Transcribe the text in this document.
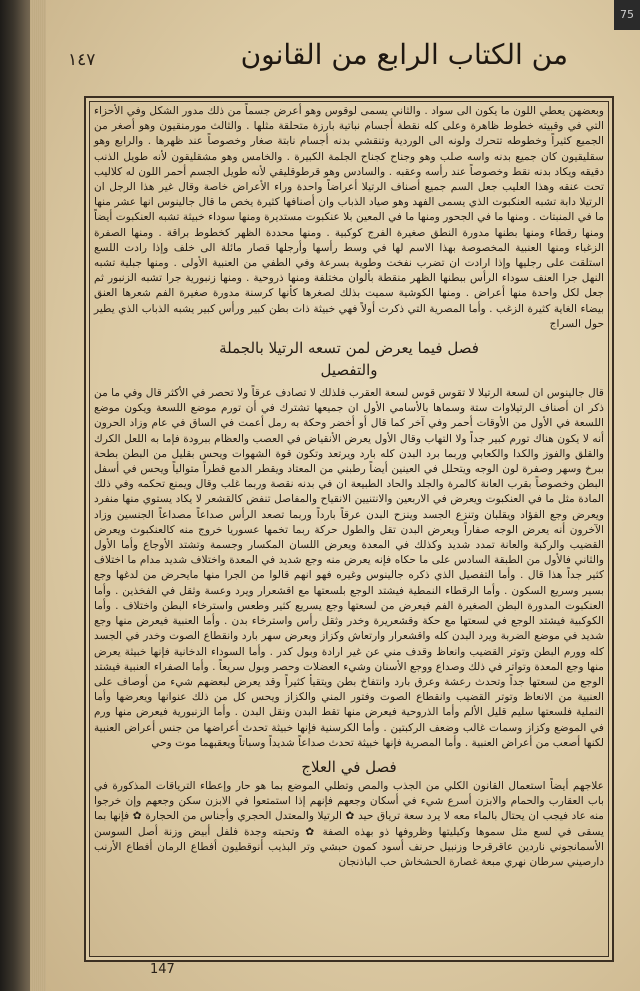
75
١٤٧	من الكتاب الرابع من القانون

وبعضهن يعطي اللون ما يكون الى سواد . والثاني يسمى لوقوس وهو أعرض جسماً من ذلك مدور الشكل وفي الأحزاء التي في وقبيته خطوط ظاهرة وعلى كله نقطة أجسام نباتية بارزة متحلقة مثلها . والثالث مورمنقيون وهو أصغر من الجميع كثيراً وخطوطه تتحرك ولونه الى الوردية وتنقشي بدنه أجسام نابتة صغار وخصوصاً عند ظهرها . والرابع وهو سقليقيون كان جميع بدنه واسه صلب وهو وجناح كجناح الجلمة الكبيرة . والخامس وهو مشقليقون لأنه طويل الذنب دقيقه ويكاد بدنه نقط وخصوصاً عند رأسه وعقبه . والسادس وهو قرطوقليقي لأنه طويل الجسم أحمر اللون له كلاليب تحت عنقه وهذا العليب جعل السم جميع أصناف الرتيلا أعراضاً واحدة وراء الأعراض خاصة وقال غير هذا الرجل ان الرتيلا دابة تشبه العنكبوت الذي يسمى الفهد وهو صياد الذباب وان أصنافها كثيرة يخص ما قال جالينوس انها عشر منها ما في المنبتات . ومنها ما في الجحور ومنها ما في المعين بلا عنكبوت مستديرة ومنها سوداء خبيثة تشبه العنكبوت أيضاً ومنها رقطاء ومنها بطنها مدورة النطق صغيرة الفرج كوكبية . ومنها محددة الظهر كخطوط براقة . ومنها الصفرة الزغباء ومنها العنبية المخصوصة بهذا الاسم لها في وسط رأسها وأرجلها قصار مائلة الى خلف وإذا رادت اللسع استلقت على رجليها وإذا ارادت ان تضرب نفخت وطوية بسرعة وفي الطفي من العنبية الأولى . ومنها جبلية تشبه النهل جرا العنف سوداء الرأس ببطنها الظهر منقطة بألوان مختلفة ومنها ذروحية . ومنها زنبورية جرا تشبه الزنبور ثم جعل لكل واحدة منها أعراض . ومنها الكوشية سميت بذلك لصغرها كأنها كرسنة مدورة صغيرة الفم شعرها العنق بيضاء الغاية كثيرة الزغب . وأما المصرية التي ذكرت أولاً فهي خبيثة ذات بطن كبير ورأس كبير يشبه الذباب الذي يطير حول السراج

فصل فيما يعرض لمن تسعه الرتيلا بالجملة
والتفصيل

قال جالينوس ان لسعة الرتيلا لا تقوس قوس لسعة العقرب فلذلك لا تصادف عرقاً ولا تحصر في الأكثر قال وفي ما من ذكر ان أصناف الرتيلاوات ستة وسماها بالأسامي الأول ان جميعها تشترك في أن تورم موضع اللسعة ويكون موضع اللسعة في الأول من الأوقات أحمر وفي آخر كما قال أو أخضر وحكة به رمل أعمت في الساق في عام وزاد الحرون أنه لا يكون هناك تورم كبير جداً ولا التهاب وقال الأول يعرض الأنقياض في العصب والعظام ببرودة فإما به اللعل الكرك والقلق والفوز والكدا والكعابي وربما برد البدن كله بارد ويرتعد وتكون قوة الشهوات ويحس بقليل من البطن بطحة ببرخ وسهر وصفرة لون الوجه ويتحلل في العينين أيضاً رطبني من المعتاد ويقطر الدمع قطراً متوالياً ويحس في أسفل البطن وخصوصاً بقرب العانة كالمرة والجلد والحاد الطبيعة ان في بدنه نقصة وربما غلب وقال ويمنع تحكمه وفي ذلك المادة مثل ما في العنكبوت ويعرض في الاربعين والانتنيين الانقياح والمفاصل تنفض كالقشعر لا يكاد يستوي منها منفرد ويعرض وجع الفؤاد ويقلبان وتنزع الجسد وينزح البدن عرقاً بارداً وربما تصعد الرأس صداعاً مصداعاً الجنسين وزاد الآخرون أنه يعرض الوجه صفاراً ويعرض البدن تقل والطول حركة ربما تخمها عسوريا خروج منه كالعنكبوت ويعرض القضيب والركبة والعانة تمدد شديد وكذلك في المعدة ويعرض اللسان المكسار وجسمة وتشتد الأوجاع وأما الأول والثاني فالأول من الطبقة السادس على ما حكاه فإنه يعرض منه وجع شديد في المعدة واختلاف شديد مدام ما اختلاف كثير جداً هذا قال . وأما التفصيل الذي ذكره جالينوس وغيره فهو انهم قالوا من الجرا منها مايحرض من لدغها وجع بسير وسريع السكون . وأما الرقطاء النمطية فيشتد الوجع بلسعتها مع اقشعرار ويرد وعسة وثقل في الفخذين . وأما العنكبوت المدورة البطن الصغيرة الفم فيعرض من لسعتها وجع يسريع كثير وطعس واسترخاء البطن واختلاف . وأما الكوكبية فيشتد الوجع في لسعتها مع حكة وقشعريرة وخدر وثقل رأس واسترخاء بدن . وأما العنبية فيعرض منها وجع شديد في موضع الضربة ويرد البدن كله واقشعرار وارتعاش وكزاز ويعرض سهر بارد وانقطاع الصوت وخدر في الجسد كله وورم البطن وتوتر القضيب وانعاظ وقدف مني عن غير ارادة وبول كدر . وأما السوداء الدخانية فإنها خبيثة يعرض منها وجع المعدة وتواتر في ذلك وصداع ووجع الأسنان وشيء العضلات وحصر وبول سريعاً . وأما الصفراء العنبية فيشتد الوجع من لسعتها جداً وتحدث رعشة وعرق بارد وانتفاخ بطن ويتقيأ كثيراً وقد يعرض لبعضهم شيء من أوصاف على العنبية من الانعاظ وتوتر القضيب وانقطاع الصوت وفتور المني والكزاز ويحس كل من ذلك عنوانها ويعرضها وأما النملية فلسعتها سليم قليل الألم وأما الذروحية فيعرض منها تقط البدن ونقل البدن . وأما الزنبورية فيعرض منها ورم في الموضع وكزاز وسمات غالب وضعف الركبتين . وأما الكرسنية فإنها خبيثة تحدث أعراضها من جنس أعراض العنبية لكنها أصعب من أعراض العنبية . وأما المصرية فإنها خبيثة تحدث صداعاً شديداً وسباتاً ويعقبهما موت وحي

فصل في العلاج

علاجهم أيضاً استعمال القانون الكلي من الجذب والمص وتطلي الموضع بما هو حار وإعطاء الترياقات المذكورة في باب العقارب والحمام والابزن أسرع شيء في أسكان وجعهم فإنهم إذا استمتعوا في الابزن سكن وجعهم وإن خرجوا منه عاد فيجب ان يحتال بالماء معه لا يرد سعة ترياق حيد ✿ الرتيلا والمعتدل الحجري وأجناس من الحجارة ✿ فإنها بما يسقى في لسع مثل سموها وكيليتها وظروفها ذو بهذه الصفة ✿ وتحبته وجدة فلفل أبيض وزنة أصل السوسن الأسمانجوني ناردين عاقرقرحا وزنبيل حرنف أسود كمون حبشي وتر البذيب أنوقطيون أفطاع الرمان أفطاع الأرنب دارصيني سرطان نهري مبعة غصارة الحشخاش حب الباذنجان

147
